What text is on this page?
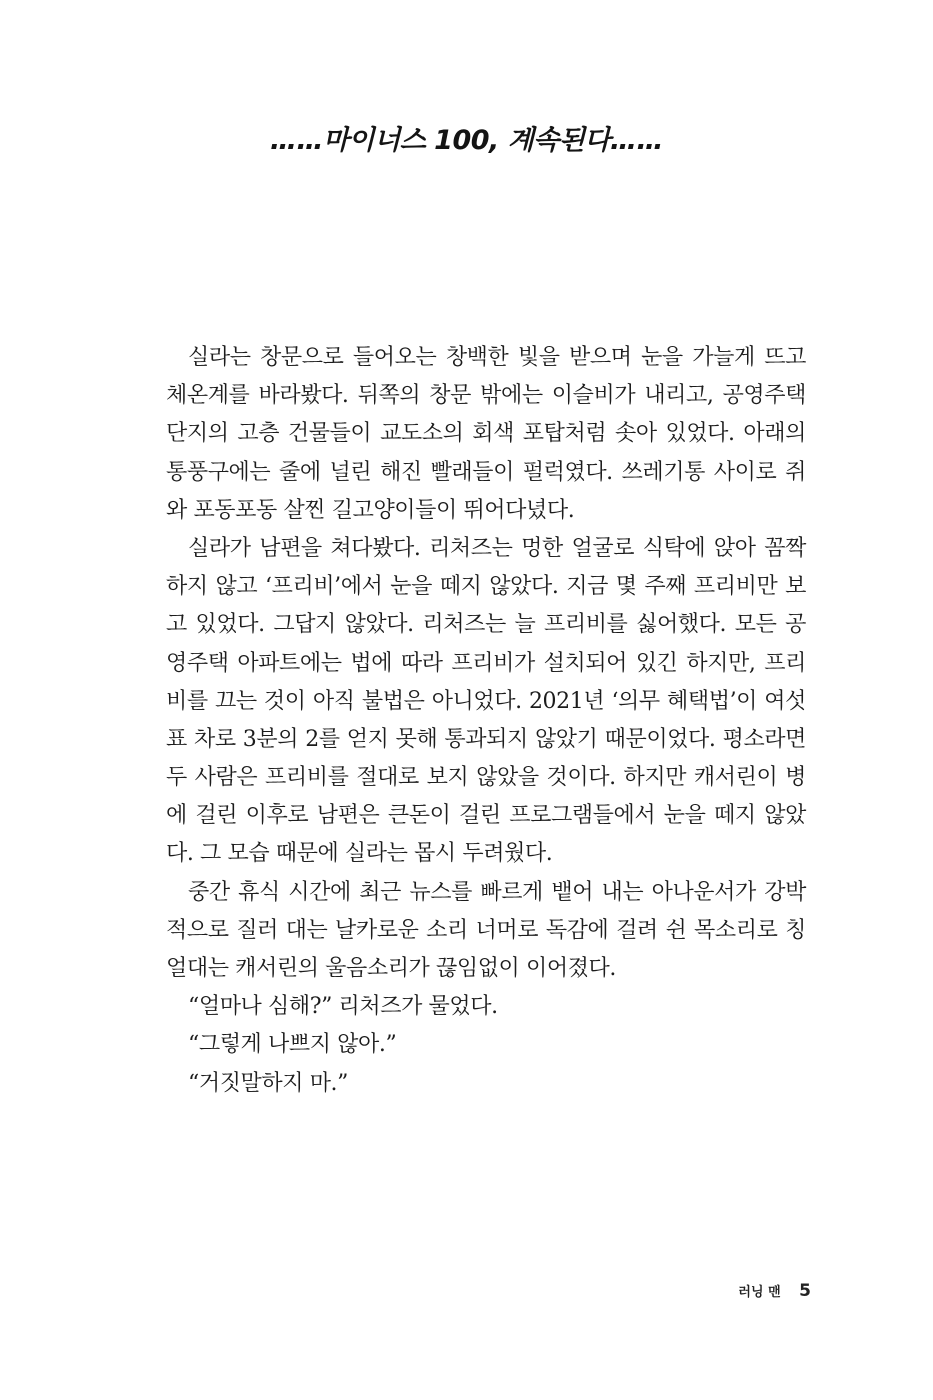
……마이너스 100, 계속된다……
실라는 창문으로 들어오는 창백한 빛을 받으며 눈을 가늘게 뜨고
체온계를 바라봤다. 뒤쪽의 창문 밖에는 이슬비가 내리고, 공영주택
단지의 고층 건물들이 교도소의 회색 포탑처럼 솟아 있었다. 아래의
통풍구에는 줄에 널린 해진 빨래들이 펄럭였다. 쓰레기통 사이로 쥐
와 포동포동 살찐 길고양이들이 뛰어다녔다.
실라가 남편을 쳐다봤다. 리처즈는 멍한 얼굴로 식탁에 앉아 꼼짝
하지 않고 ‘프리비’에서 눈을 떼지 않았다. 지금 몇 주째 프리비만 보
고 있었다. 그답지 않았다. 리처즈는 늘 프리비를 싫어했다. 모든 공
영주택 아파트에는 법에 따라 프리비가 설치되어 있긴 하지만, 프리
비를 끄는 것이 아직 불법은 아니었다. 2021년 ‘의무 혜택법’이 여섯
표 차로 3분의 2를 얻지 못해 통과되지 않았기 때문이었다. 평소라면
두 사람은 프리비를 절대로 보지 않았을 것이다. 하지만 캐서린이 병
에 걸린 이후로 남편은 큰돈이 걸린 프로그램들에서 눈을 떼지 않았
다. 그 모습 때문에 실라는 몹시 두려웠다.
중간 휴식 시간에 최근 뉴스를 빠르게 뱉어 내는 아나운서가 강박
적으로 질러 대는 날카로운 소리 너머로 독감에 걸려 쉰 목소리로 칭
얼대는 캐서린의 울음소리가 끊임없이 이어졌다.
“얼마나 심해?” 리처즈가 물었다.
“그렇게 나쁘지 않아.”
“거짓말하지 마.”
러닝 맨 5
